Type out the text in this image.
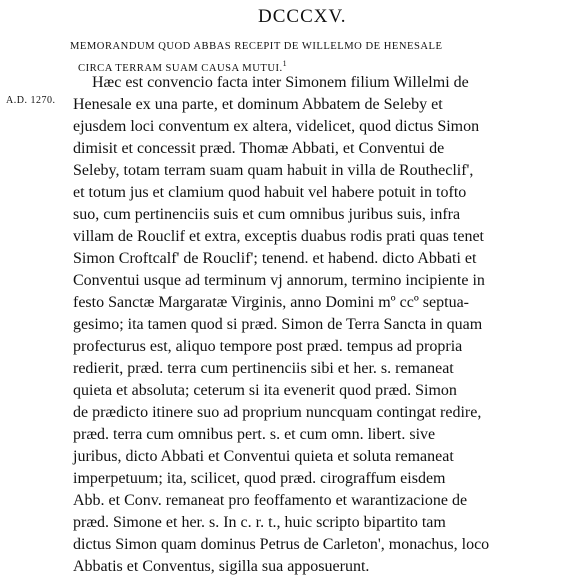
DCCCXV.
MEMORANDUM QUOD ABBAS RECEPIT DE WILLELMO DE HENESALE
CIRCA TERRAM SUAM CAUSA MUTUI.$^1$
A.D. 1270.
Hæc est convencio facta inter Simonem filium Willelmi de
Henesale ex una parte, et dominum Abbatem de Seleby et
ejusdem loci conventum ex altera, videlicet, quod dictus Simon
dimisit et concessit præd. Thomæ Abbati, et Conventui de
Seleby, totam terram suam quam habuit in villa de Routheclif',
et totum jus et clamium quod habuit vel habere potuit in tofto
suo, cum pertinenciis suis et cum omnibus juribus suis, infra
villam de Rouclif et extra, exceptis duabus rodis prati quas tenet
Simon Croftcalf' de Rouclif'; tenend. et habend. dicto Abbati et
Conventui usque ad terminum vj annorum, termino incipiente in
festo Sanctæ Margaratæ Virginis, anno Domini mº ccº septua-
gesimo; ita tamen quod si præd. Simon de Terra Sancta in quam
profecturus est, aliquo tempore post præd. tempus ad propria
redierit, præd. terra cum pertinenciis sibi et her. s. remaneat
quieta et absoluta; ceterum si ita evenerit quod præd. Simon
de prædicto itinere suo ad proprium nuncquam contingat redire,
præd. terra cum omnibus pert. s. et cum omn. libert. sive
juribus, dicto Abbati et Conventui quieta et soluta remaneat
imperpetuum; ita, scilicet, quod præd. cirograffum eisdem
Abb. et Conv. remaneat pro feoffamento et warantizacione de
præd. Simone et her. s. In c. r. t., huic scripto bipartito tam
dictus Simon quam dominus Petrus de Carleton', monachus, loco
Abbatis et Conventus, sigilla sua apposuerunt.
